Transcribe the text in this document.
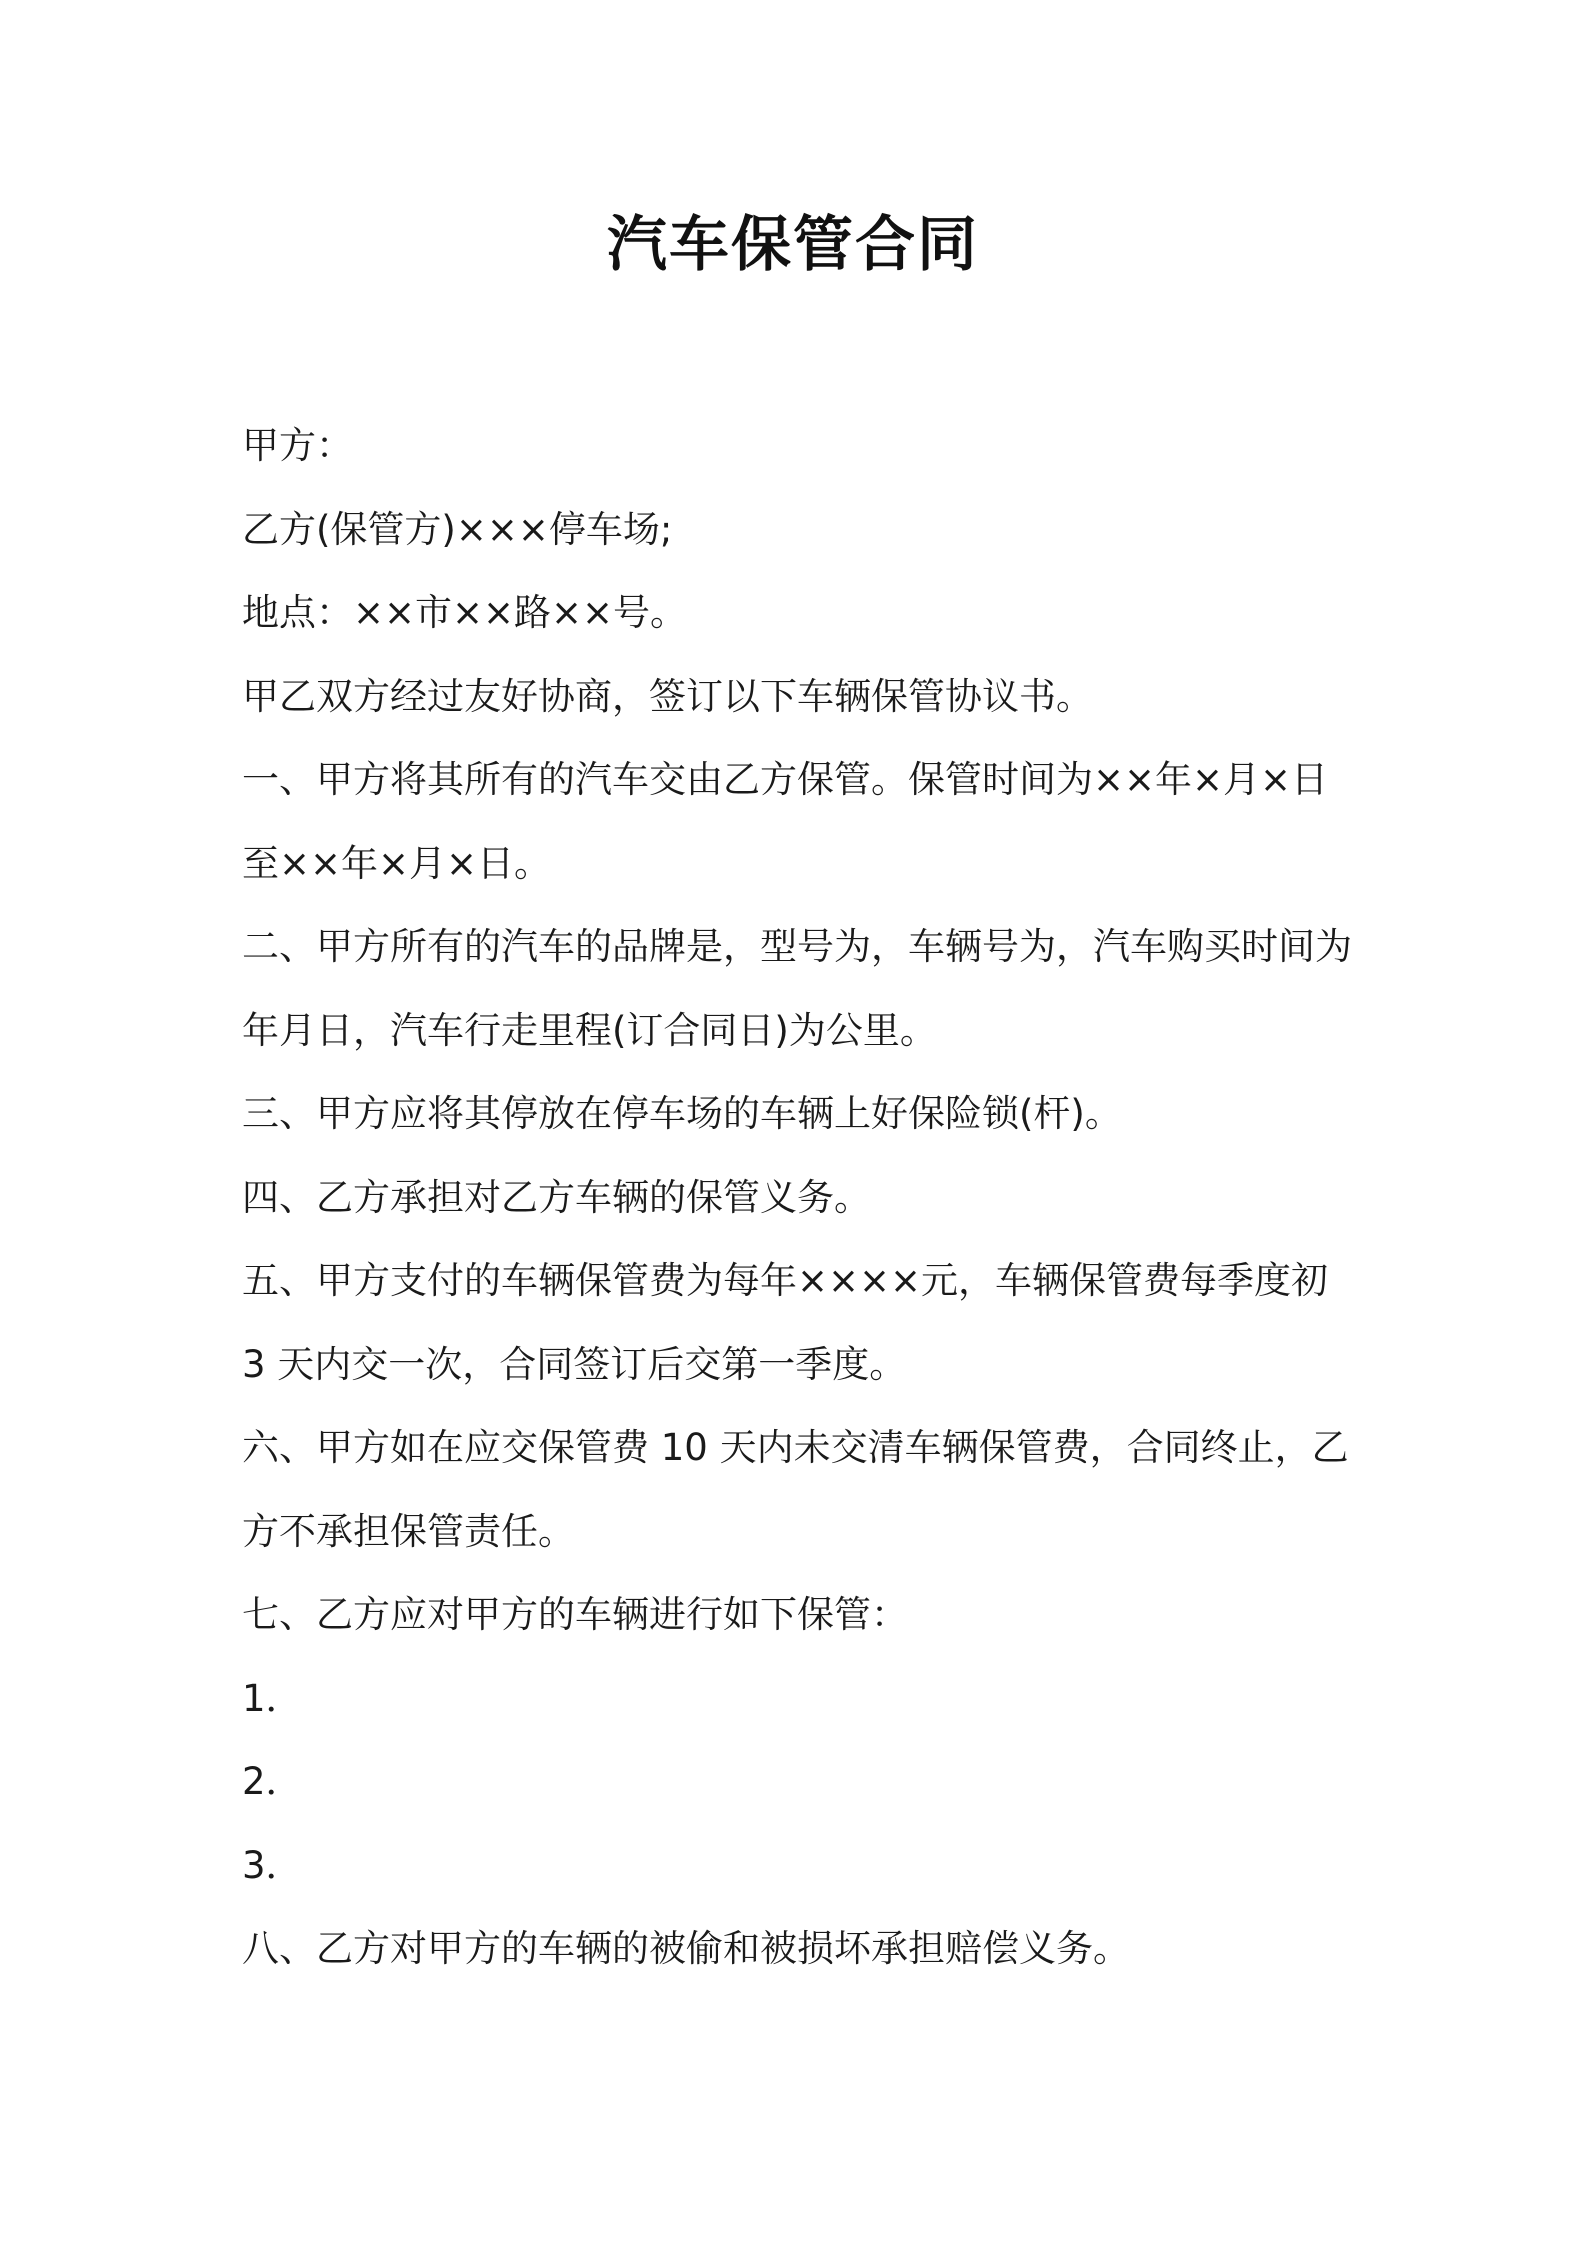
汽车保管合同
甲方：
乙方(保管方)×××停车场;
地点：××市××路××号。
甲乙双方经过友好协商，签订以下车辆保管协议书。
一、甲方将其所有的汽车交由乙方保管。保管时间为××年×月×日
至××年×月×日。
二、甲方所有的汽车的品牌是，型号为，车辆号为，汽车购买时间为
年月日，汽车行走里程(订合同日)为公里。
三、甲方应将其停放在停车场的车辆上好保险锁(杆)。
四、乙方承担对乙方车辆的保管义务。
五、甲方支付的车辆保管费为每年××××元，车辆保管费每季度初
3 天内交一次，合同签订后交第一季度。
六、甲方如在应交保管费 10 天内未交清车辆保管费，合同终止，乙
方不承担保管责任。
七、乙方应对甲方的车辆进行如下保管：
1．
2．
3．
八、乙方对甲方的车辆的被偷和被损坏承担赔偿义务。
